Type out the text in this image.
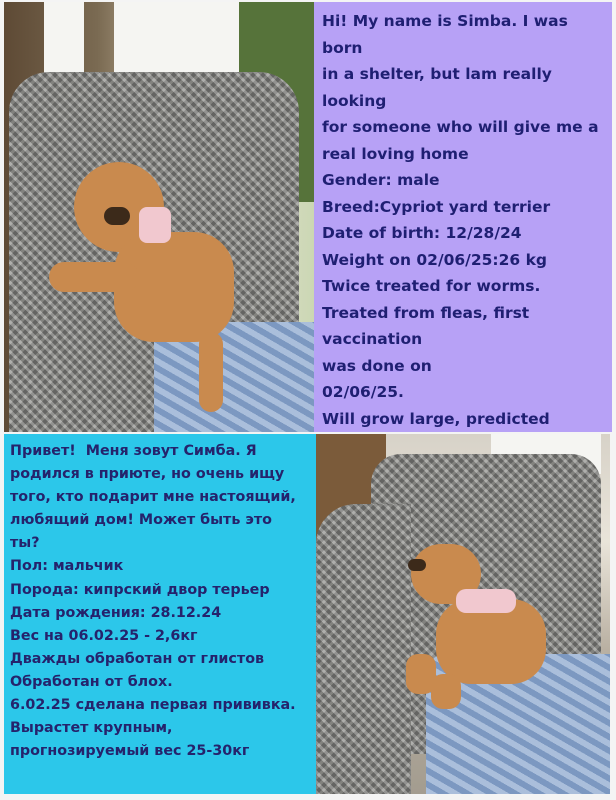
Hi! My name is Simba. I was born
in a shelter, but lam really looking
for someone who will give me a
real loving home
Gender: male
Breed:Cypriot yard terrier
Date of birth: 12/28/24
Weight on 02/06/25:26 kg
Twice treated for worms.
Treated from fleas, first vaccination
was done on
02/06/25.
Will grow large, predicted
Привет!  Меня зовут Симба. Я
родился в приюте, но очень ищу
того, кто подарит мне настоящий,
любящий дом! Может быть это
ты?
Пол: мальчик
Порода: кипрский двор терьер
Дата рождения: 28.12.24
Вес на 06.02.25 - 2,6кг
Дважды обработан от глистов
Обработан от блох.
6.02.25 сделана первая прививка.
Вырастет крупным,
прогнозируемый вес 25-30кг
